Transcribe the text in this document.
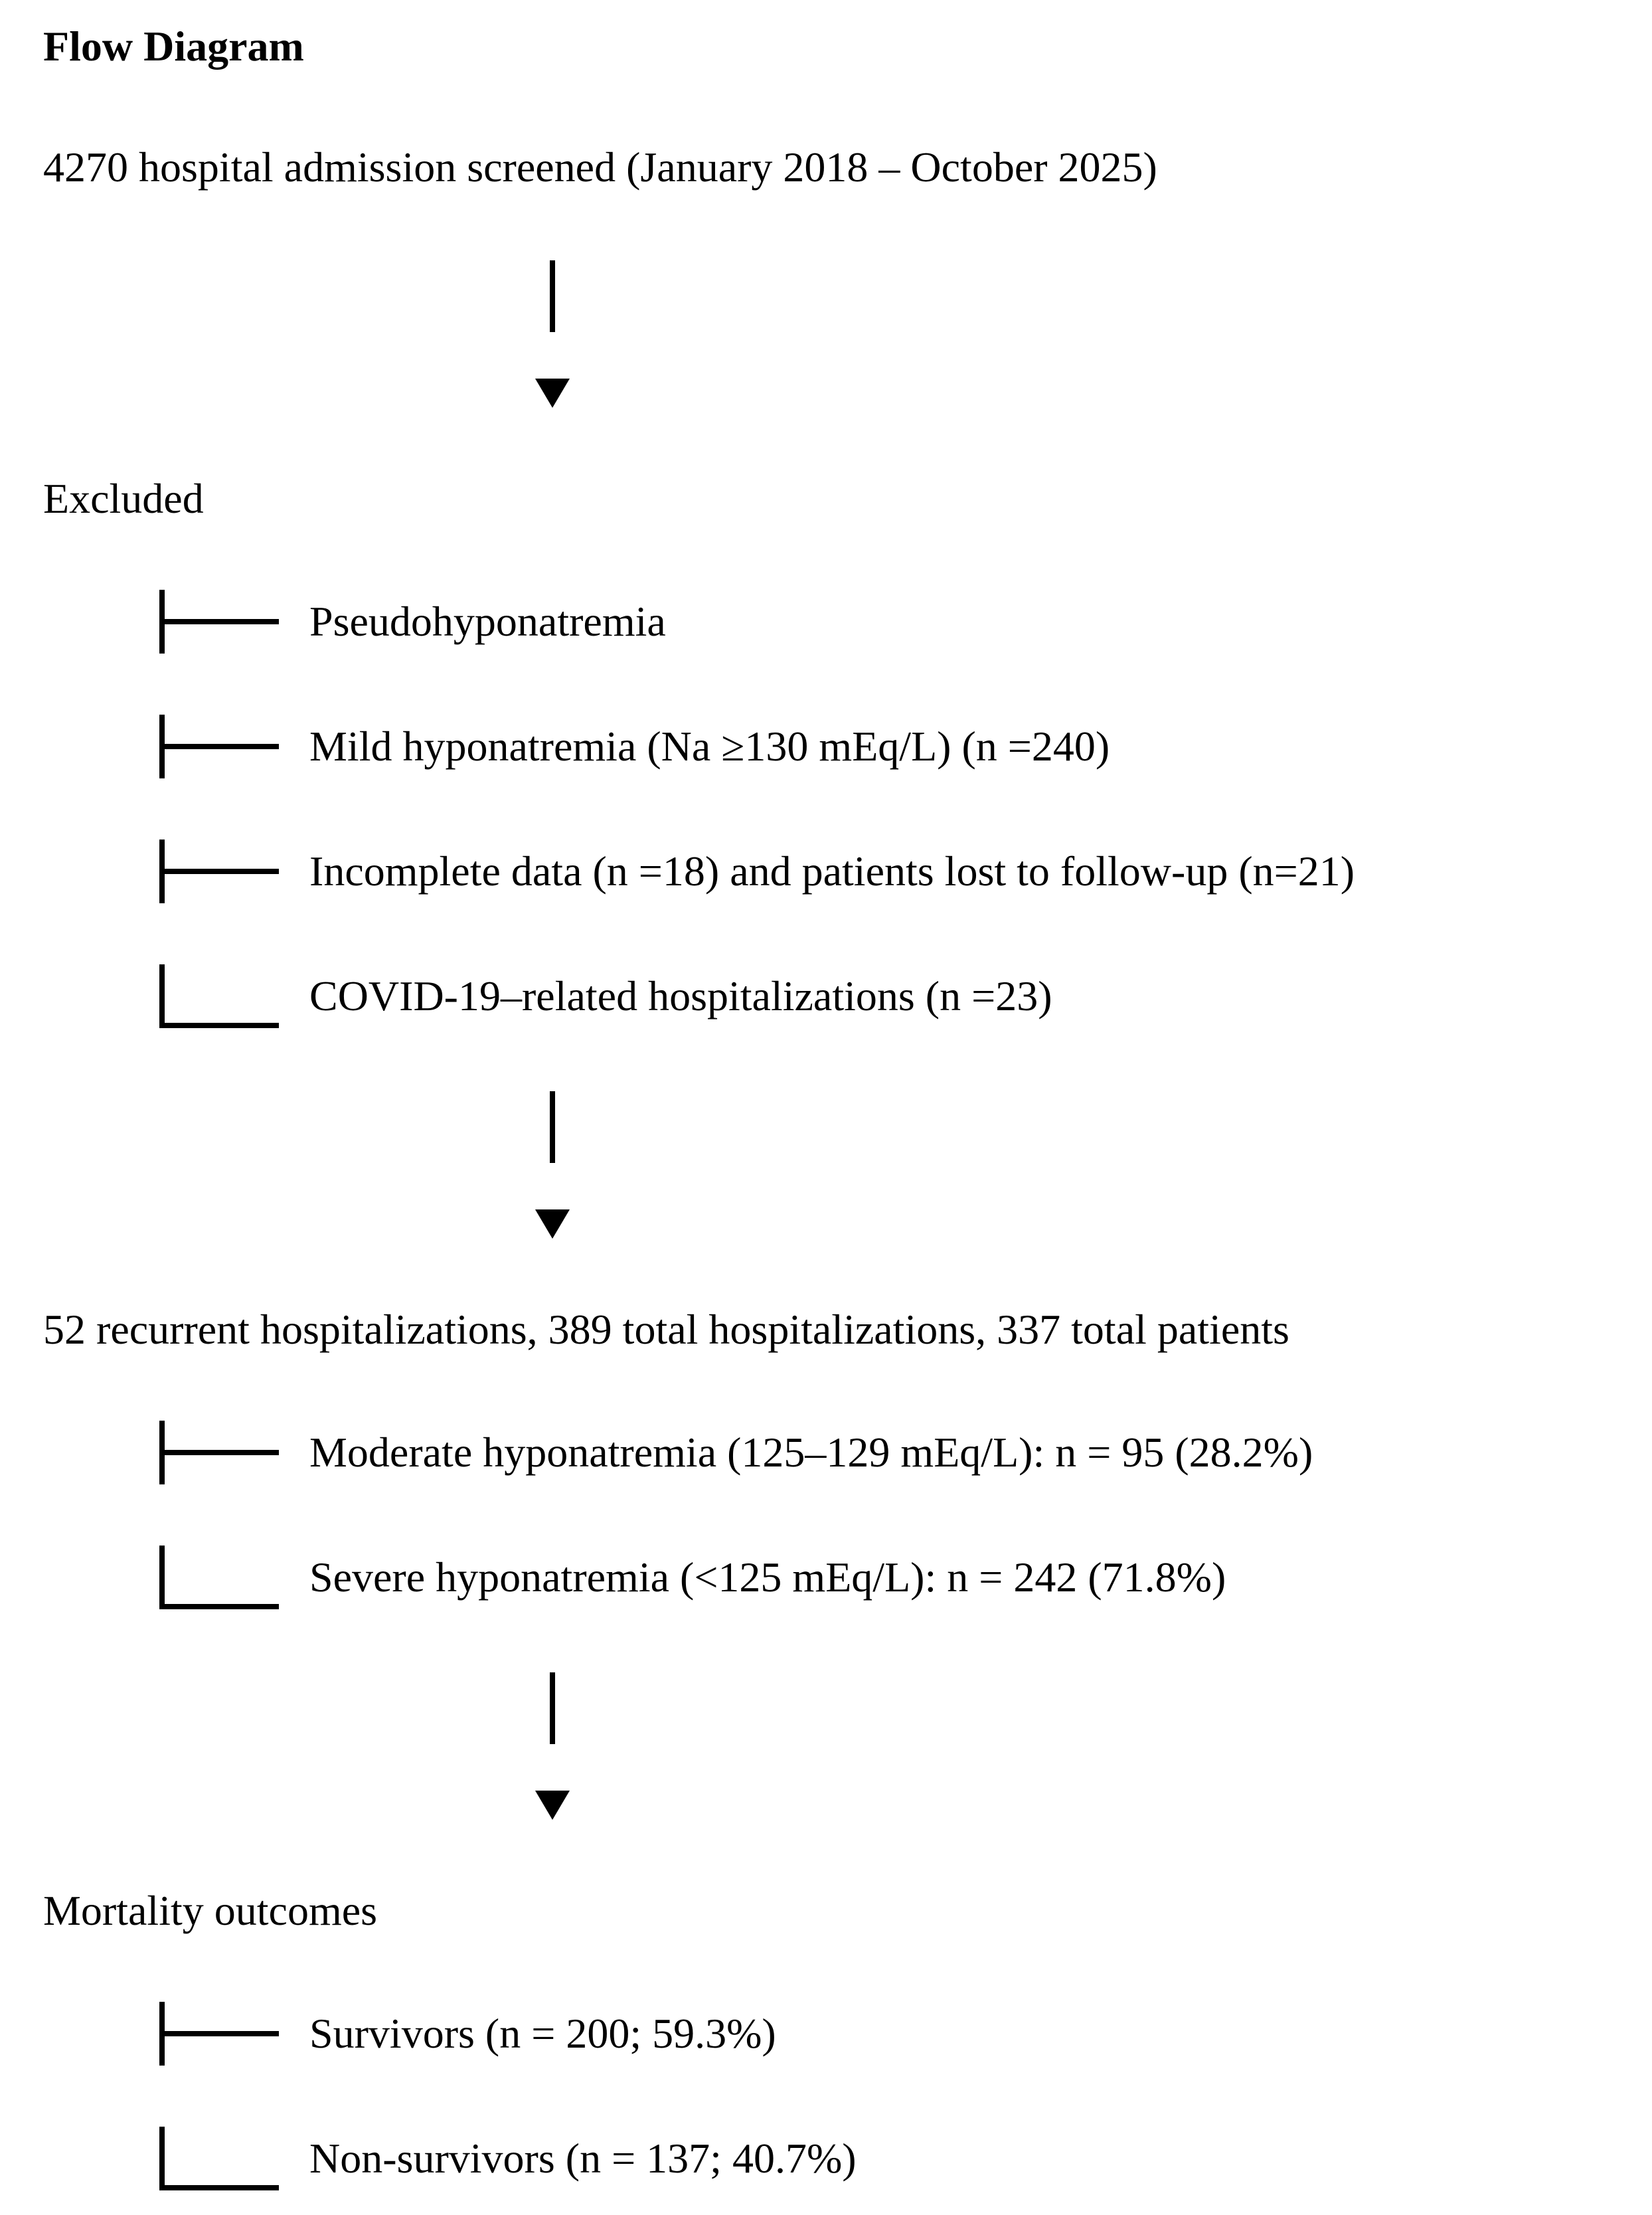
Flow Diagram
4270 hospital admission screened (January 2018 – October 2025)
Excluded
Pseudohyponatremia
Mild hyponatremia (Na ≥130 mEq/L) (n =240)
Incomplete data (n =18) and patients lost to follow-up (n=21)
COVID-19–related hospitalizations (n =23)
52 recurrent hospitalizations, 389 total hospitalizations, 337 total patients
Moderate hyponatremia (125–129 mEq/L): n = 95 (28.2%)
Severe hyponatremia (<125 mEq/L): n = 242 (71.8%)
Mortality outcomes
Survivors (n = 200; 59.3%)
Non-survivors (n = 137; 40.7%)
